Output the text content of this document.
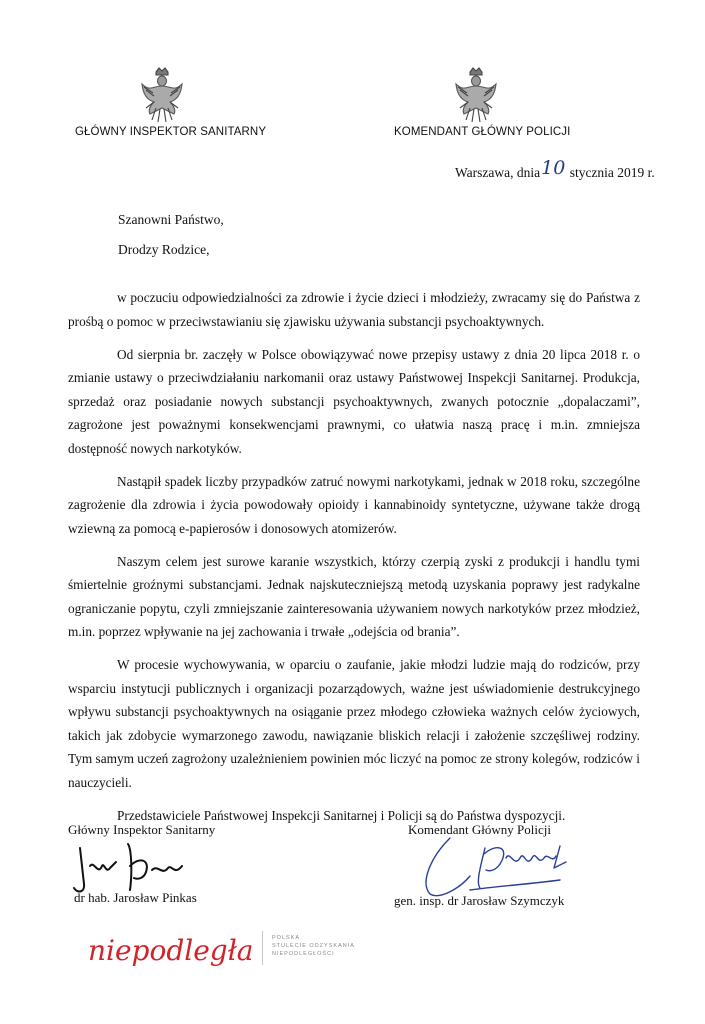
GŁÓWNY INSPEKTOR SANITARNY	KOMENDANT GŁÓWNY POLICJI
Warszawa, dnia10 stycznia 2019 r.
Szanowni Państwo,
Drodzy Rodzice,

w poczuciu odpowiedzialności za zdrowie i życie dzieci i młodzieży, zwracamy się do Państwa z prośbą o pomoc w przeciwstawianiu się zjawisku używania substancji psychoaktywnych.

Od sierpnia br. zaczęły w Polsce obowiązywać nowe przepisy ustawy z dnia 20 lipca 2018 r. o zmianie ustawy o przeciwdziałaniu narkomanii oraz ustawy Państwowej Inspekcji Sanitarnej. Produkcja, sprzedaż oraz posiadanie nowych substancji psychoaktywnych, zwanych potocznie „dopalaczami”, zagrożone jest poważnymi konsekwencjami prawnymi, co ułatwia naszą pracę i m.in. zmniejsza dostępność nowych narkotyków.

Nastąpił spadek liczby przypadków zatruć nowymi narkotykami, jednak w 2018 roku, szczególne zagrożenie dla zdrowia i życia powodowały opioidy i kannabinoidy syntetyczne, używane także drogą wziewną za pomocą e-papierosów i donosowych atomizerów.

Naszym celem jest surowe karanie wszystkich, którzy czerpią zyski z produkcji i handlu tymi śmiertelnie groźnymi substancjami. Jednak najskuteczniejszą metodą uzyskania poprawy jest radykalne ograniczanie popytu, czyli zmniejszanie zainteresowania używaniem nowych narkotyków przez młodzież, m.in. poprzez wpływanie na jej zachowania i trwałe „odejścia od brania”.

W procesie wychowywania, w oparciu o zaufanie, jakie młodzi ludzie mają do rodziców, przy wsparciu instytucji publicznych i organizacji pozarządowych, ważne jest uświadomienie destrukcyjnego wpływu substancji psychoaktywnych na osiąganie przez młodego człowieka ważnych celów życiowych, takich jak zdobycie wymarzonego zawodu, nawiązanie bliskich relacji i założenie szczęśliwej rodziny. Tym samym uczeń zagrożony uzależnieniem powinien móc liczyć na pomoc ze strony kolegów, rodziców i nauczycieli.

Przedstawiciele Państwowej Inspekcji Sanitarnej i Policji są do Państwa dyspozycji.

Główny Inspektor Sanitarny	Komendant Główny Policji
dr hab. Jarosław Pinkas	gen. insp. dr Jarosław Szymczyk
niepodległa	POLSKA
STULECIE ODZYSKANIA
NIEPODLEGŁOŚCI
